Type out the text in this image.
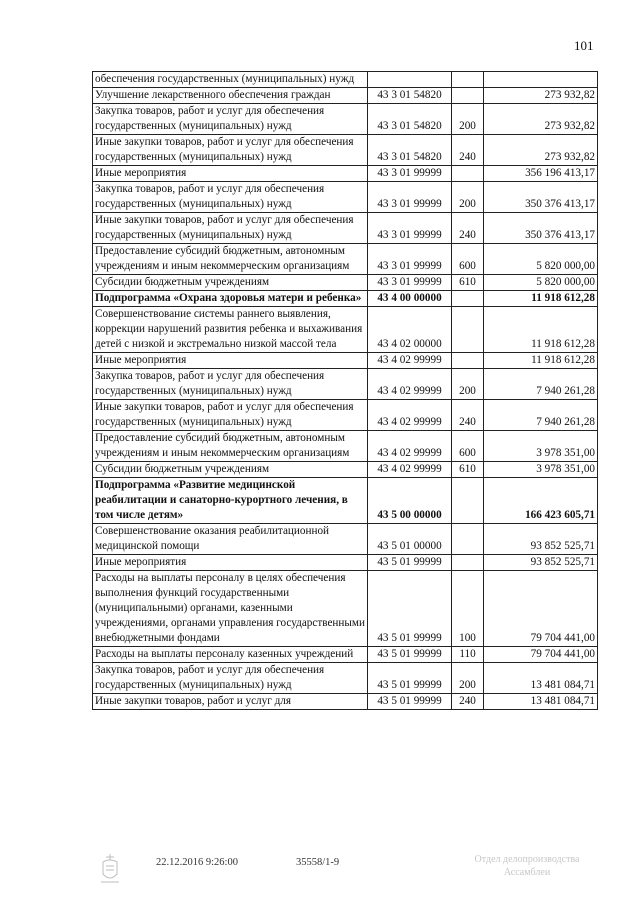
101
обеспечения государственных (муниципальных) нужд			
Улучшение лекарственного обеспечения граждан	43 3 01 54820		273 932,82
Закупка товаров, работ и услуг для обеспечения государственных (муниципальных) нужд	43 3 01 54820	200	273 932,82
Иные закупки товаров, работ и услуг для обеспечения государственных (муниципальных) нужд	43 3 01 54820	240	273 932,82
Иные мероприятия	43 3 01 99999		356 196 413,17
Закупка товаров, работ и услуг для обеспечения государственных (муниципальных) нужд	43 3 01 99999	200	350 376 413,17
Иные закупки товаров, работ и услуг для обеспечения государственных (муниципальных) нужд	43 3 01 99999	240	350 376 413,17
Предоставление субсидий бюджетным, автономным учреждениям и иным некоммерческим организациям	43 3 01 99999	600	5 820 000,00
Субсидии бюджетным учреждениям	43 3 01 99999	610	5 820 000,00
Подпрограмма «Охрана здоровья матери и ребенка»	43 4 00 00000		11 918 612,28
Совершенствование системы раннего выявления, коррекции нарушений развития ребенка и выхаживания детей с низкой и экстремально низкой массой тела	43 4 02 00000		11 918 612,28
Иные мероприятия	43 4 02 99999		11 918 612,28
Закупка товаров, работ и услуг для обеспечения государственных (муниципальных) нужд	43 4 02 99999	200	7 940 261,28
Иные закупки товаров, работ и услуг для обеспечения государственных (муниципальных) нужд	43 4 02 99999	240	7 940 261,28
Предоставление субсидий бюджетным, автономным учреждениям и иным некоммерческим организациям	43 4 02 99999	600	3 978 351,00
Субсидии бюджетным учреждениям	43 4 02 99999	610	3 978 351,00
Подпрограмма «Развитие медицинской реабилитации и санаторно-курортного лечения, в том числе детям»	43 5 00 00000		166 423 605,71
Совершенствование оказания реабилитационной медицинской помощи	43 5 01 00000		93 852 525,71
Иные мероприятия	43 5 01 99999		93 852 525,71
Расходы на выплаты персоналу в целях обеспечения выполнения функций государственными (муниципальными) органами, казенными учреждениями, органами управления государственными внебюджетными фондами	43 5 01 99999	100	79 704 441,00
Расходы на выплаты персоналу казенных учреждений	43 5 01 99999	110	79 704 441,00
Закупка товаров, работ и услуг для обеспечения государственных (муниципальных) нужд	43 5 01 99999	200	13 481 084,71
Иные закупки товаров, работ и услуг для	43 5 01 99999	240	13 481 084,71
22.12.2016 9:26:00	35558/1-9	Отдел делопроизводства
Ассамблеи
